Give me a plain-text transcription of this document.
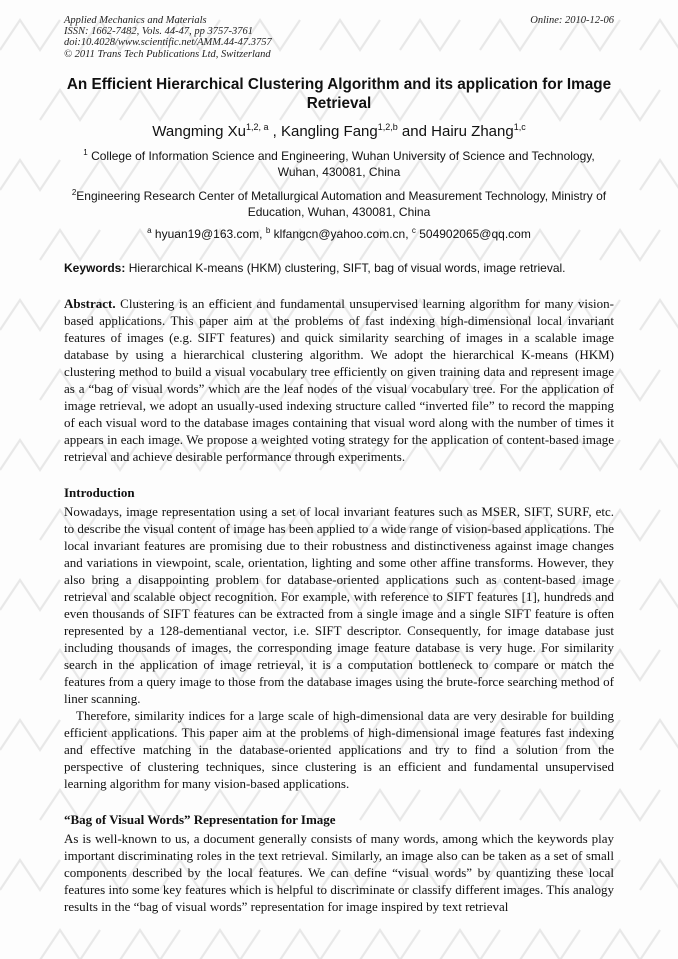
Applied Mechanics and Materials
ISSN: 1662-7482, Vols. 44-47, pp 3757-3761
doi:10.4028/www.scientific.net/AMM.44-47.3757
© 2011 Trans Tech Publications Ltd, Switzerland
Online: 2010-12-06
An Efficient Hierarchical Clustering Algorithm and its application for Image Retrieval
Wangming Xu$^{1,2, a}$ , Kangling Fang$^{1,2,b}$ and Hairu Zhang$^{1,c}$
$^1$ College of Information Science and Engineering, Wuhan University of Science and Technology, Wuhan, 430081, China
$^2$Engineering Research Center of Metallurgical Automation and Measurement Technology, Ministry of Education, Wuhan, 430081, China
$^a$ hyuan19@163.com, $^b$ klfangcn@yahoo.com.cn, $^c$ 504902065@qq.com
Keywords: Hierarchical K-means (HKM) clustering, SIFT, bag of visual words, image retrieval.

Abstract. Clustering is an efficient and fundamental unsupervised learning algorithm for many vision-based applications. This paper aim at the problems of fast indexing high-dimensional local invariant features of images (e.g. SIFT features) and quick similarity searching of images in a scalable image database by using a hierarchical clustering algorithm. We adopt the hierarchical K-means (HKM) clustering method to build a visual vocabulary tree efficiently on given training data and represent image as a “bag of visual words” which are the leaf nodes of the visual vocabulary tree. For the application of image retrieval, we adopt an usually-used indexing structure called “inverted file” to record the mapping of each visual word to the database images containing that visual word along with the number of times it appears in each image. We propose a weighted voting strategy for the application of content-based image retrieval and achieve desirable performance through experiments.

Introduction

Nowadays, image representation using a set of local invariant features such as MSER, SIFT, SURF, etc. to describe the visual content of image has been applied to a wide range of vision-based applications. The local invariant features are promising due to their robustness and distinctiveness against image changes and variations in viewpoint, scale, orientation, lighting and some other affine transforms. However, they also bring a disappointing problem for database-oriented applications such as content-based image retrieval and scalable object recognition. For example, with reference to SIFT features [1], hundreds and even thousands of SIFT features can be extracted from a single image and a single SIFT feature is often represented by a 128-dementianal vector, i.e. SIFT descriptor. Consequently, for image database just including thousands of images, the corresponding image feature database is very huge. For similarity search in the application of image retrieval, it is a computation bottleneck to compare or match the features from a query image to those from the database images using the brute-force searching method of liner scanning.

Therefore, similarity indices for a large scale of high-dimensional data are very desirable for building efficient applications. This paper aim at the problems of high-dimensional image features fast indexing and effective matching in the database-oriented applications and try to find a solution from the perspective of clustering techniques, since clustering is an efficient and fundamental unsupervised learning algorithm for many vision-based applications.

“Bag of Visual Words” Representation for Image

As is well-known to us, a document generally consists of many words, among which the keywords play important discriminating roles in the text retrieval. Similarly, an image also can be taken as a set of small components described by the local features. We can define “visual words” by quantizing these local features into some key features which is helpful to discriminate or classify different images. This analogy results in the “bag of visual words” representation for image inspired by text retrieval
